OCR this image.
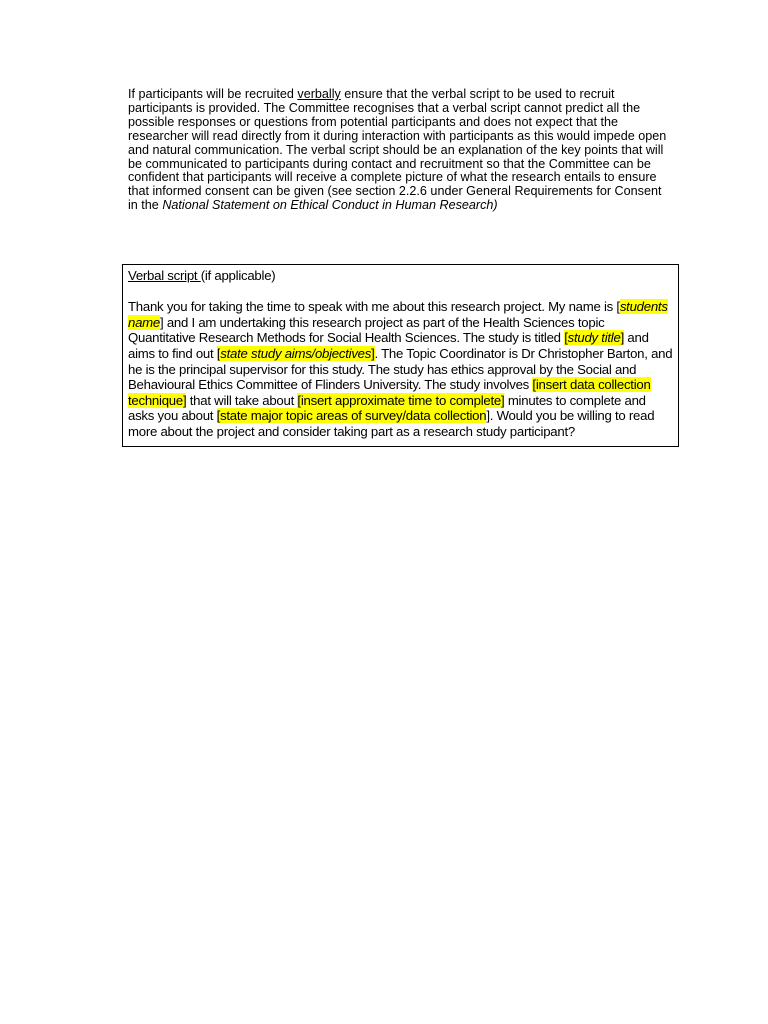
If participants will be recruited verbally ensure that the verbal script to be used to recruit participants is provided. The Committee recognises that a verbal script cannot predict all the possible responses or questions from potential participants and does not expect that the researcher will read directly from it during interaction with participants as this would impede open and natural communication. The verbal script should be an explanation of the key points that will be communicated to participants during contact and recruitment so that the Committee can be confident that participants will receive a complete picture of what the research entails to ensure that informed consent can be given (see section 2.2.6 under General Requirements for Consent in the National Statement on Ethical Conduct in Human Research)

Verbal script (if applicable)

Thank you for taking the time to speak with me about this research project. My name is [students name] and I am undertaking this research project as part of the Health Sciences topic Quantitative Research Methods for Social Health Sciences. The study is titled [study title] and aims to find out [state study aims/objectives]. The Topic Coordinator is Dr Christopher Barton, and he is the principal supervisor for this study. The study has ethics approval by the Social and Behavioural Ethics Committee of Flinders University. The study involves [insert data collection technique] that will take about [insert approximate time to complete] minutes to complete and asks you about [state major topic areas of survey/data collection]. Would you be willing to read more about the project and consider taking part as a research study participant?
